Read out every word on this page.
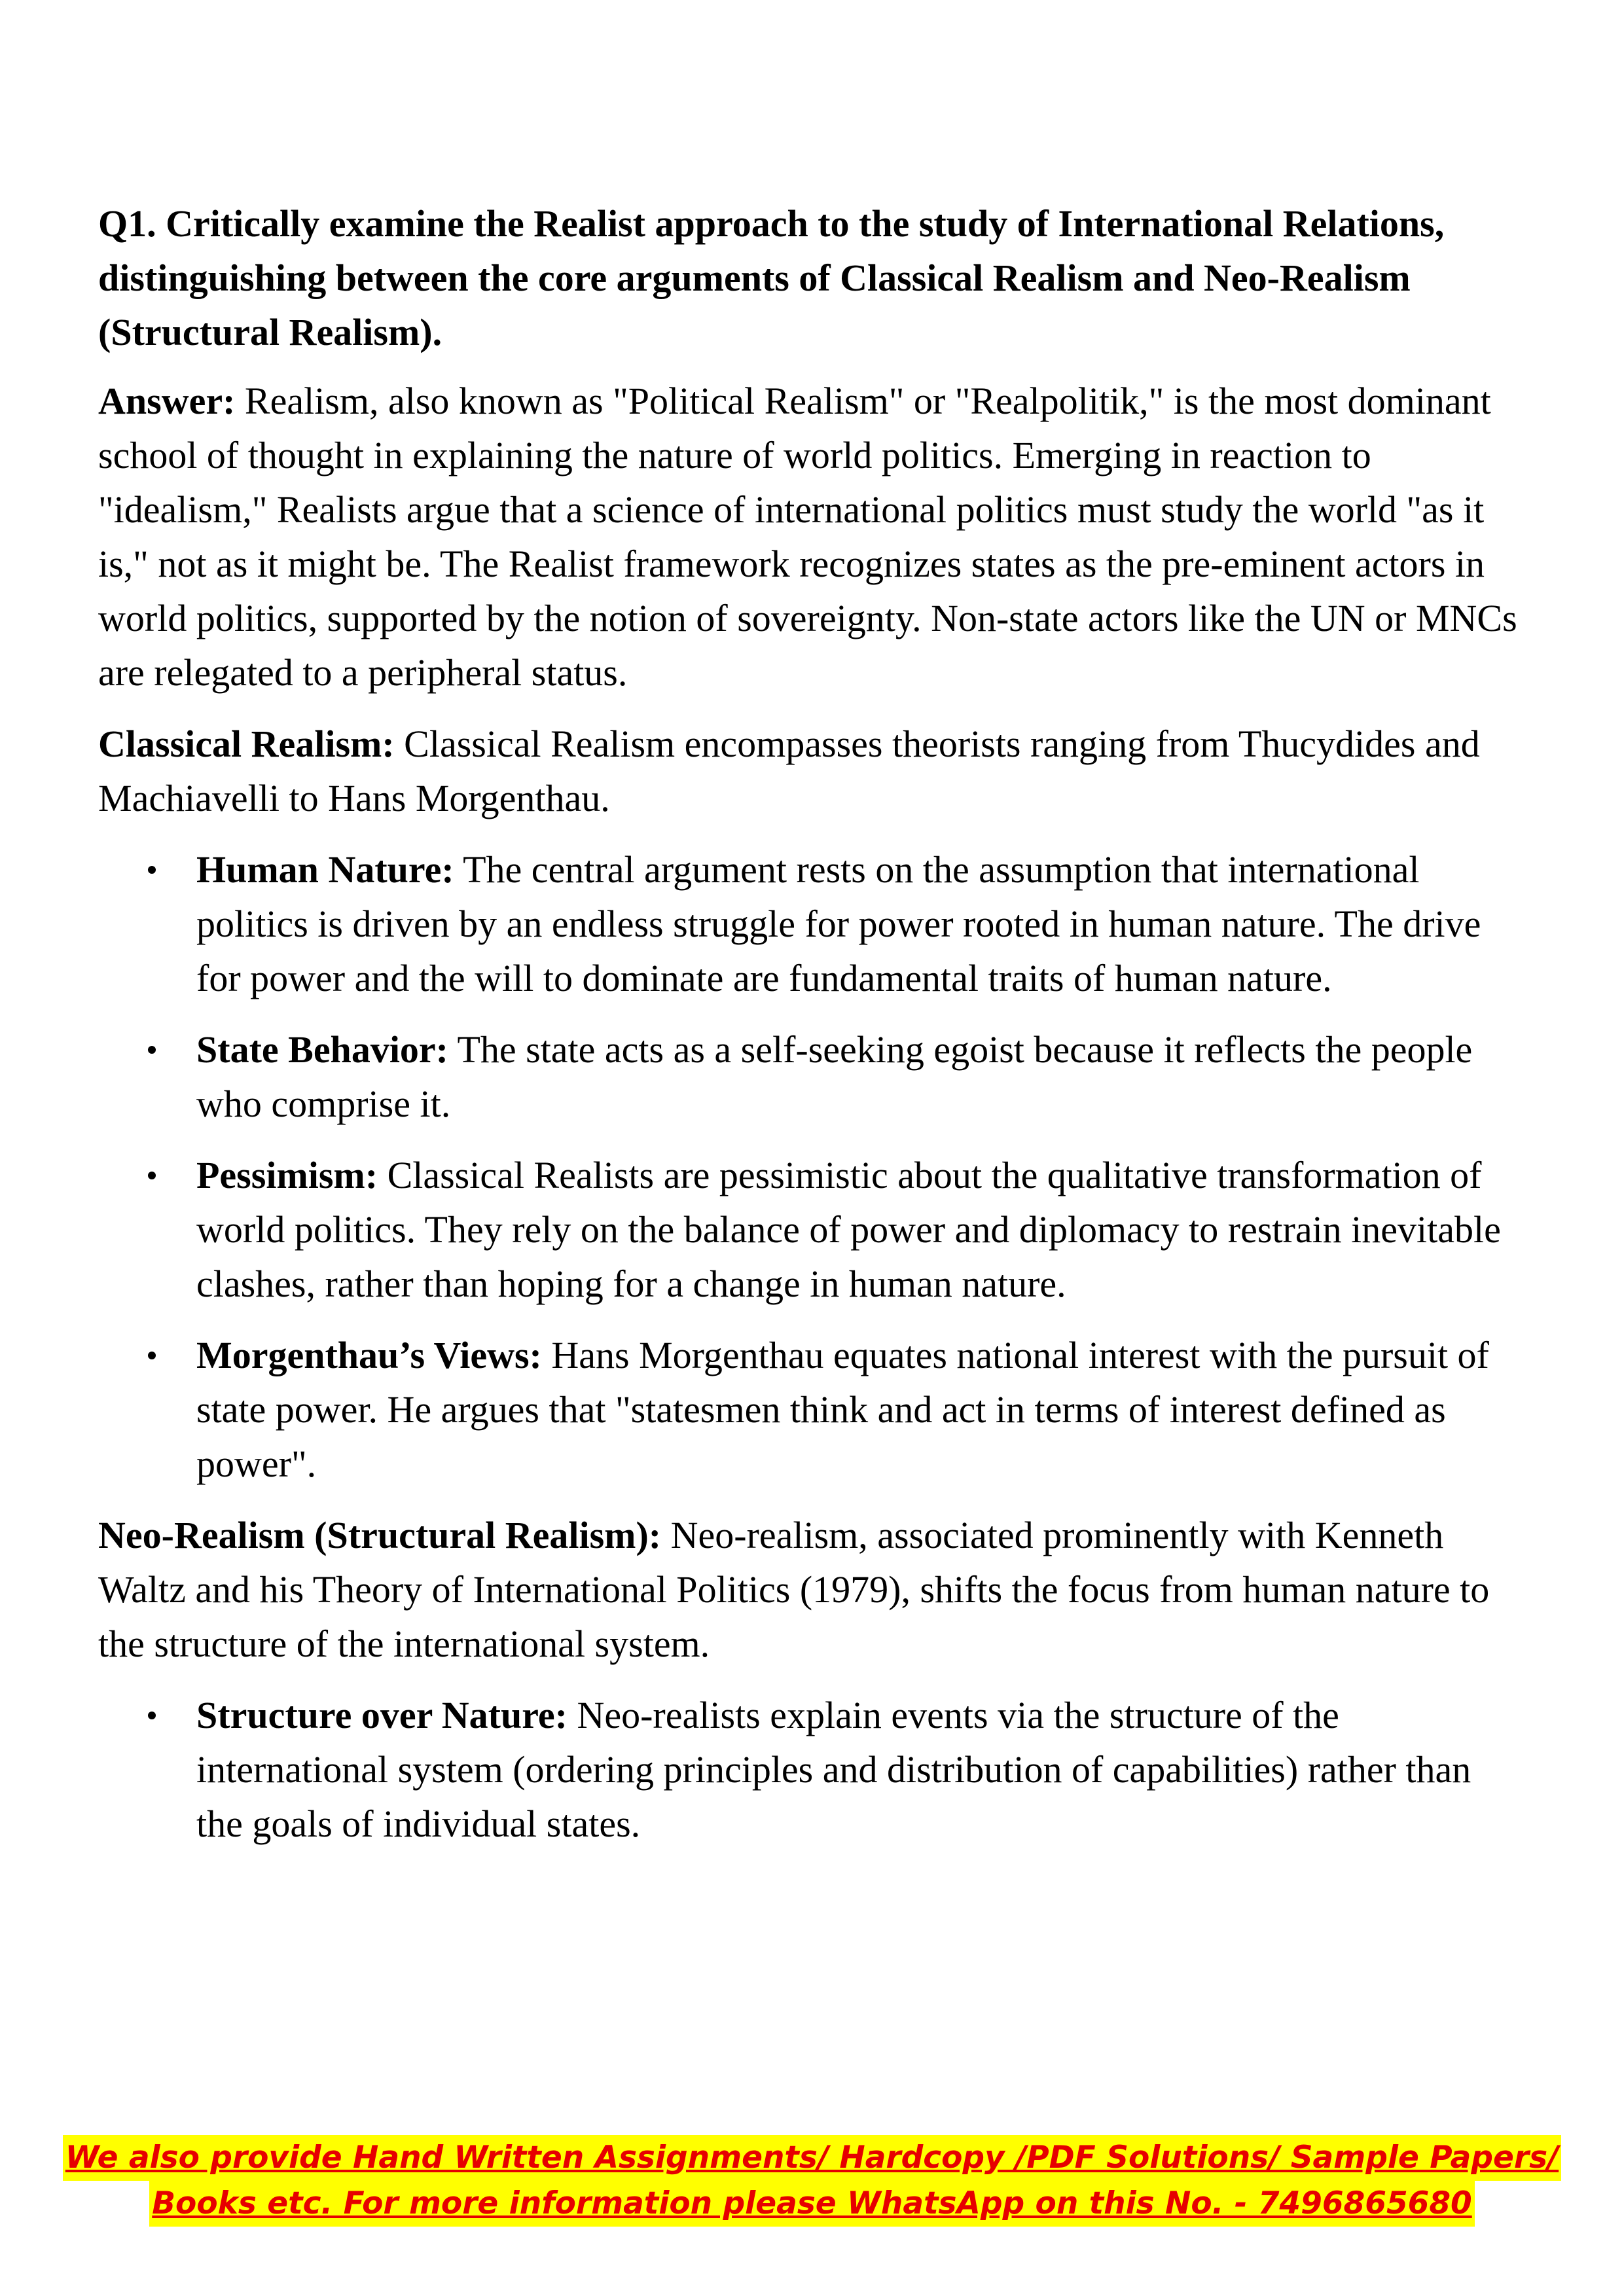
Q1. Critically examine the Realist approach to the study of International Relations, distinguishing between the core arguments of Classical Realism and Neo-Realism (Structural Realism).

Answer: Realism, also known as "Political Realism" or "Realpolitik," is the most dominant school of thought in explaining the nature of world politics. Emerging in reaction to "idealism," Realists argue that a science of international politics must study the world "as it is," not as it might be. The Realist framework recognizes states as the pre-eminent actors in world politics, supported by the notion of sovereignty. Non-state actors like the UN or MNCs are relegated to a peripheral status.

Classical Realism: Classical Realism encompasses theorists ranging from Thucydides and Machiavelli to Hans Morgenthau.

Human Nature: The central argument rests on the assumption that international politics is driven by an endless struggle for power rooted in human nature. The drive for power and the will to dominate are fundamental traits of human nature.
State Behavior: The state acts as a self-seeking egoist because it reflects the people who comprise it.
Pessimism: Classical Realists are pessimistic about the qualitative transformation of world politics. They rely on the balance of power and diplomacy to restrain inevitable clashes, rather than hoping for a change in human nature.
Morgenthau’s Views: Hans Morgenthau equates national interest with the pursuit of state power. He argues that "statesmen think and act in terms of interest defined as power".

Neo-Realism (Structural Realism): Neo-realism, associated prominently with Kenneth Waltz and his Theory of International Politics (1979), shifts the focus from human nature to the structure of the international system.

Structure over Nature: Neo-realists explain events via the structure of the international system (ordering principles and distribution of capabilities) rather than the goals of individual states.
We also provide Hand Written Assignments/ Hardcopy /PDF Solutions/ Sample Papers/
Books etc. For more information please WhatsApp on this No. - 7496865680
